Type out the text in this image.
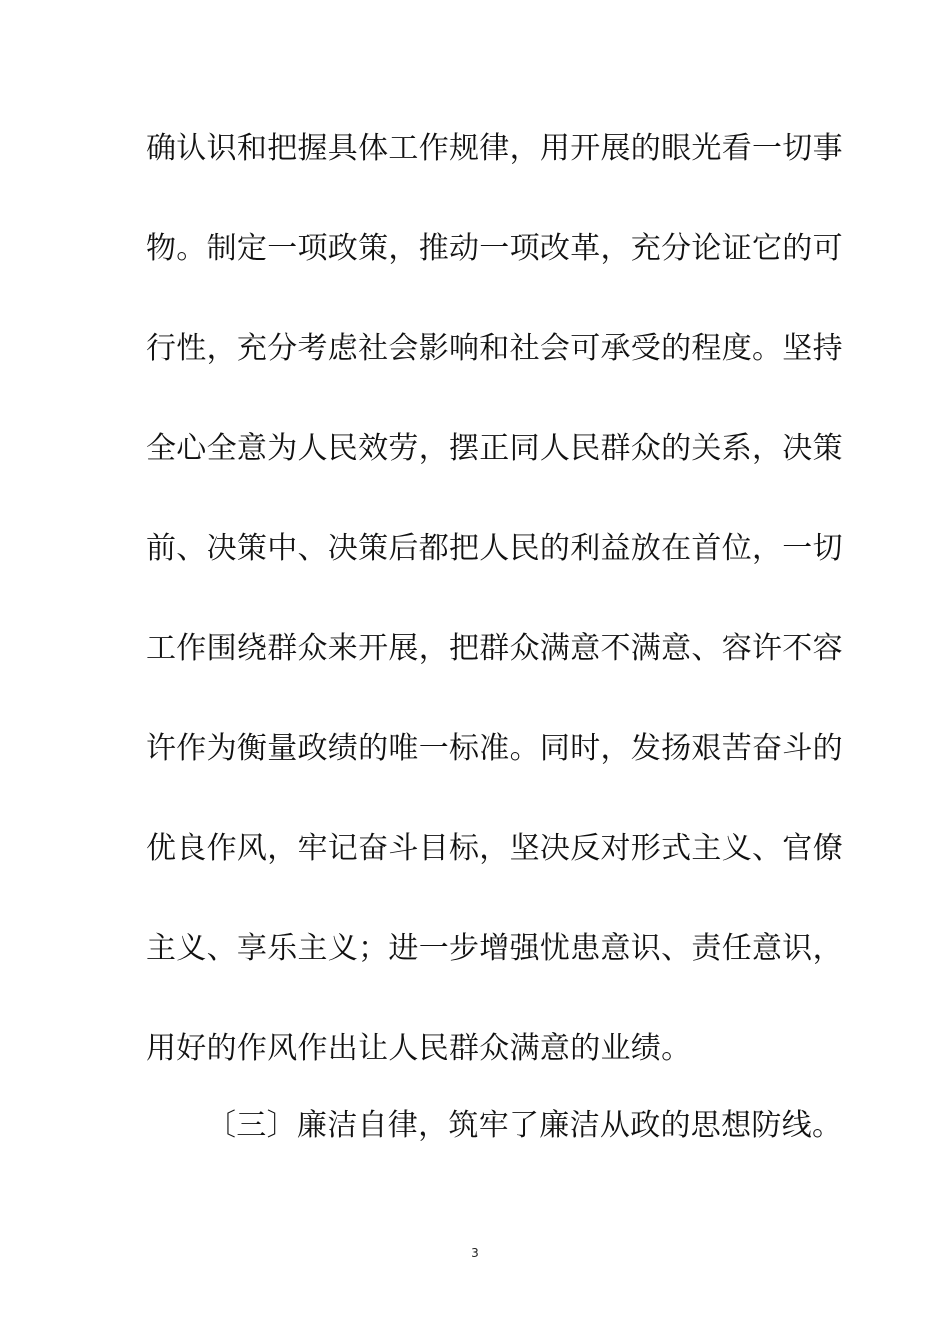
确认识和把握具体工作规律，用开展的眼光看一切事
物。制定一项政策，推动一项改革，充分论证它的可
行性，充分考虑社会影响和社会可承受的程度。坚持
全心全意为人民效劳，摆正同人民群众的关系，决策
前、决策中、决策后都把人民的利益放在首位，一切
工作围绕群众来开展，把群众满意不满意、容许不容
许作为衡量政绩的唯一标准。同时，发扬艰苦奋斗的
优良作风，牢记奋斗目标，坚决反对形式主义、官僚
主义、享乐主义；进一步增强忧患意识、责任意识，
用好的作风作出让人民群众满意的业绩。
〔三〕廉洁自律，筑牢了廉洁从政的思想防线。
3
